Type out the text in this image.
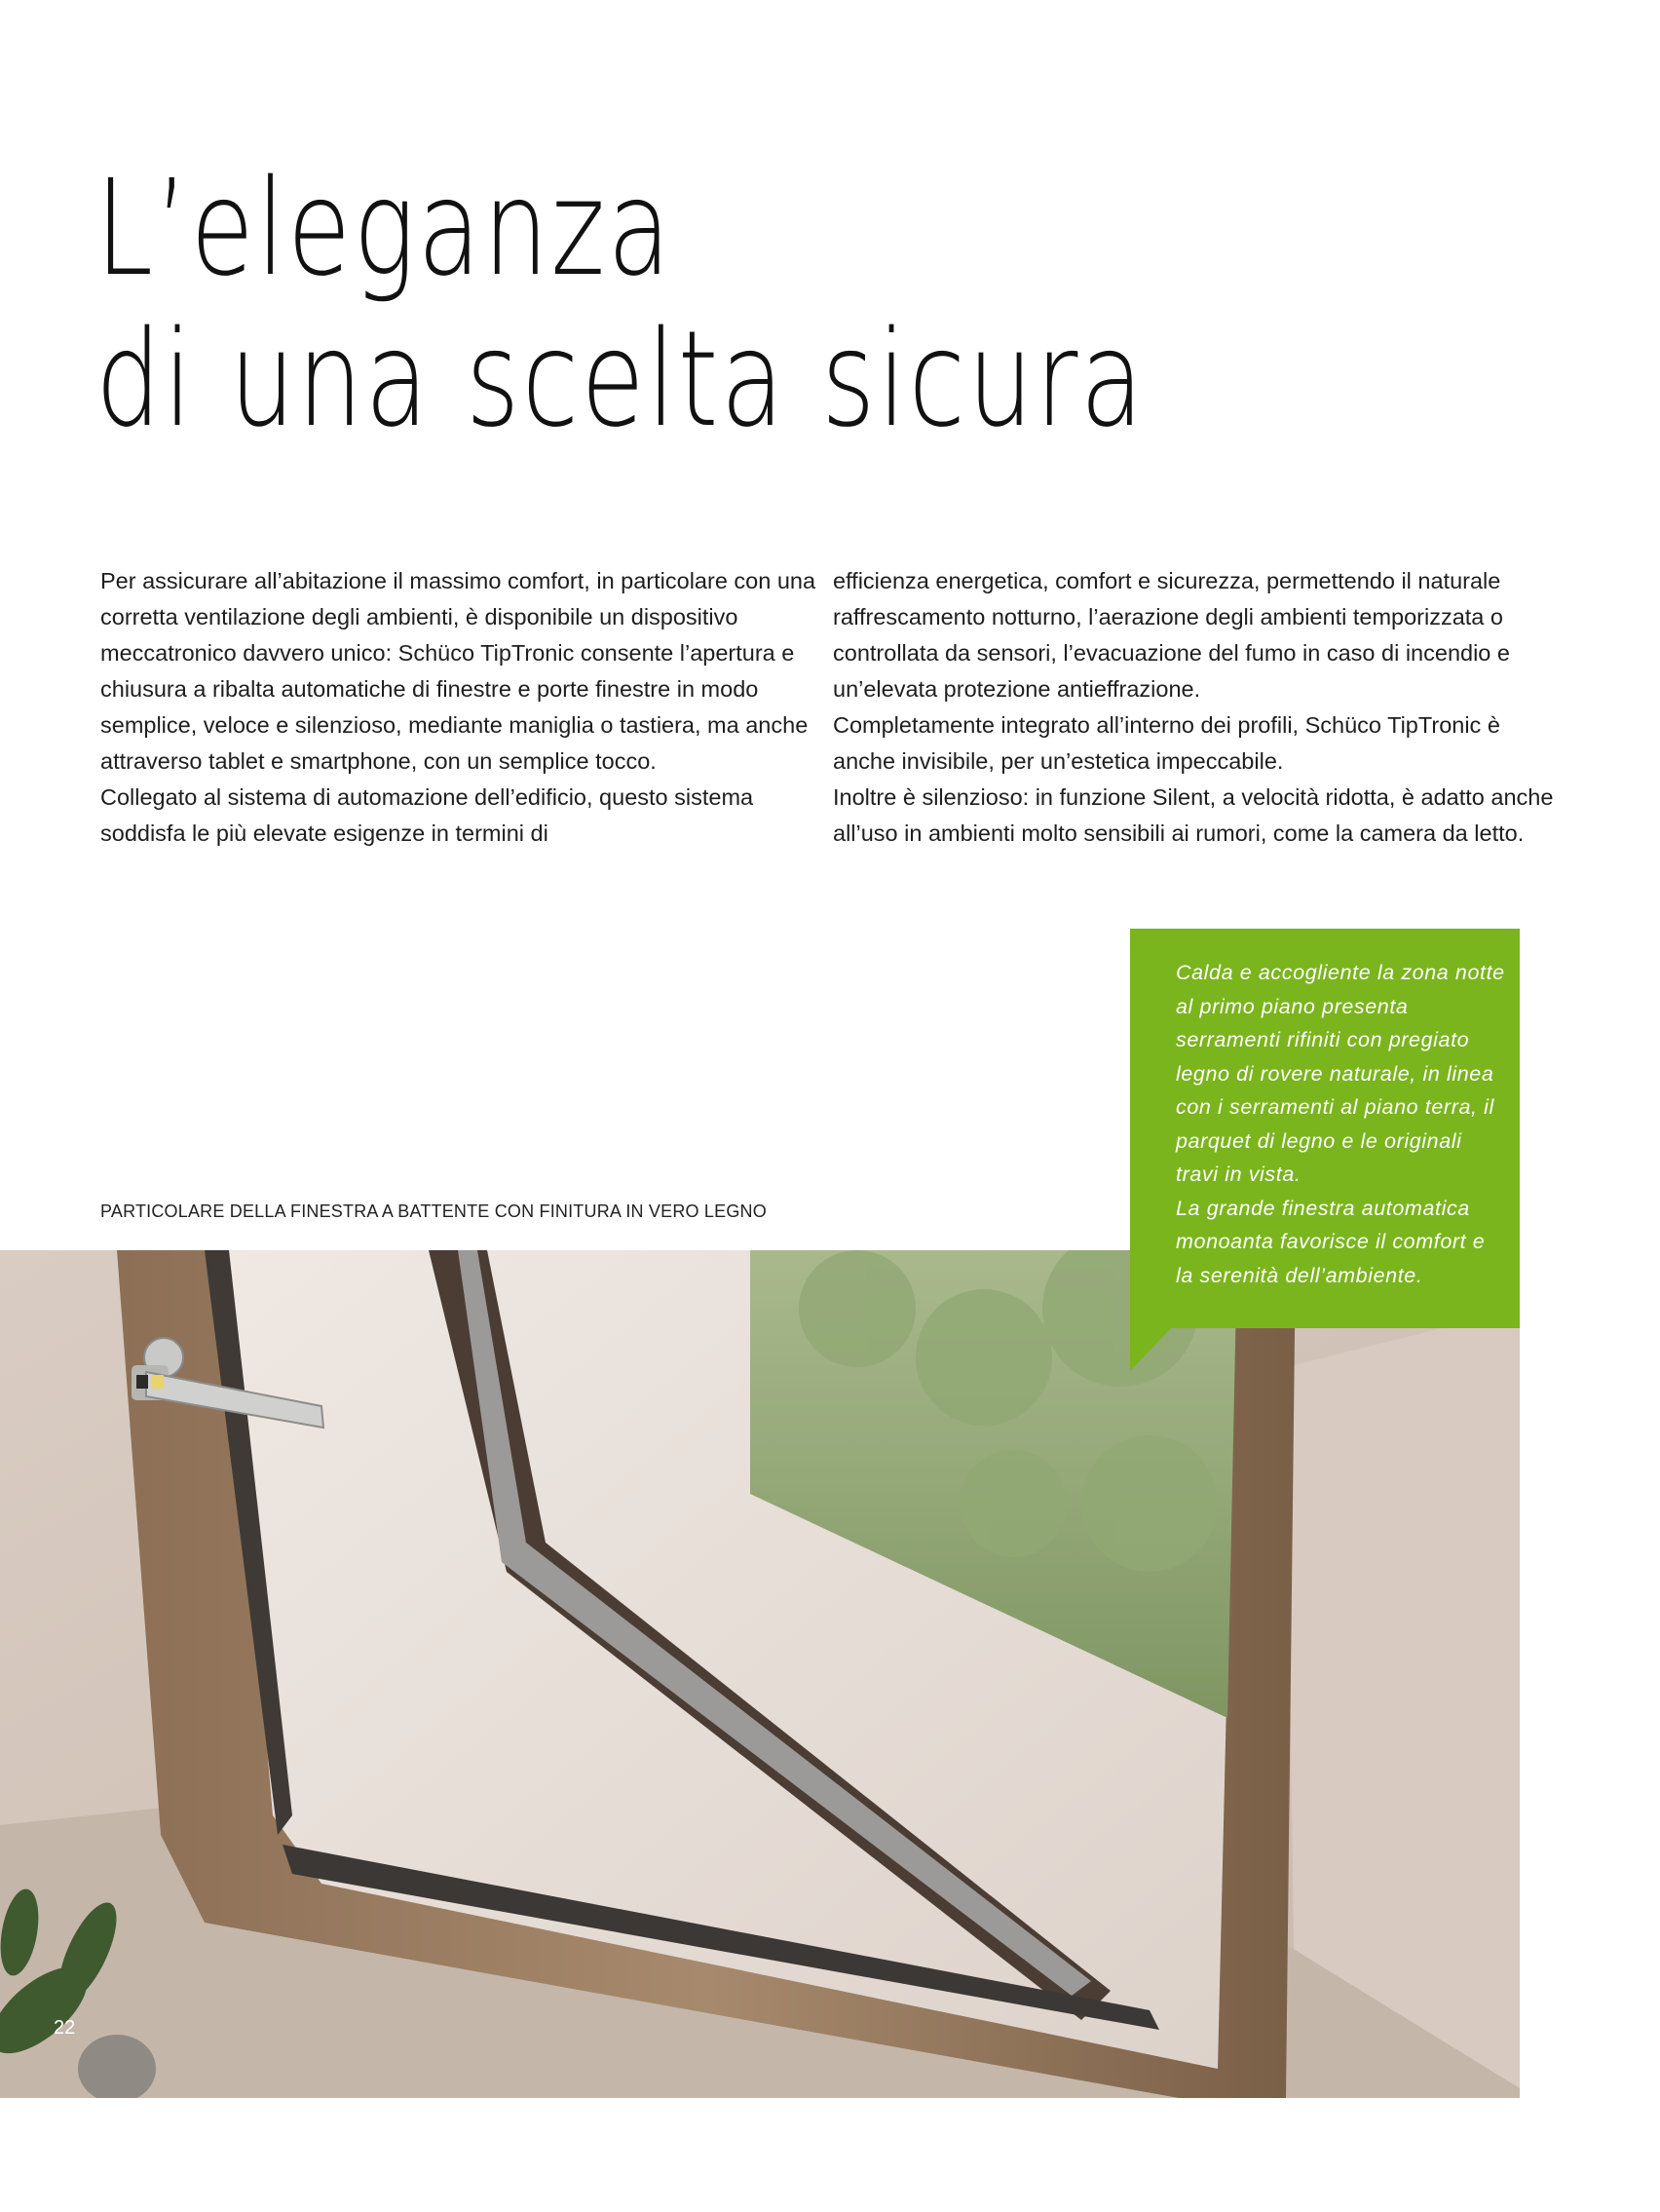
L’eleganza
di una scelta sicura

Per assicurare all’abitazione il massimo comfort, in particolare con una corretta ventilazione degli ambienti, è disponibile un dispositivo meccatronico davvero unico: Schüco TipTronic consente l’apertura e chiusura a ribalta automatiche di finestre e porte finestre in modo semplice, veloce e silenzioso, mediante maniglia o tastiera, ma anche attraverso tablet e smartphone, con un semplice tocco.

Collegato al sistema di automazione dell’edificio, questo sistema soddisfa le più elevate esigenze in termini di

efficienza energetica, comfort e sicurezza, permettendo il naturale raffrescamento notturno, l’aerazione degli ambienti temporizzata o controllata da sensori, l’evacuazione del fumo in caso di incendio e un’elevata protezione antieffrazione.

Completamente integrato all’interno dei profili, Schüco TipTronic è anche invisibile, per un’estetica impeccabile.

Inoltre è silenzioso: in funzione Silent, a velocità ridotta, è adatto anche all’uso in ambienti molto sensibili ai rumori, come la camera da letto.

PARTICOLARE DELLA FINESTRA A BATTENTE CON FINITURA IN VERO LEGNO

Calda e accogliente la zona notte al primo piano presenta serramenti rifiniti con pregiato legno di rovere naturale, in linea con i serramenti al piano terra, il parquet di legno e le originali travi in vista.

La grande finestra automatica monoanta favorisce il comfort e la serenità dell’ambiente.

22
